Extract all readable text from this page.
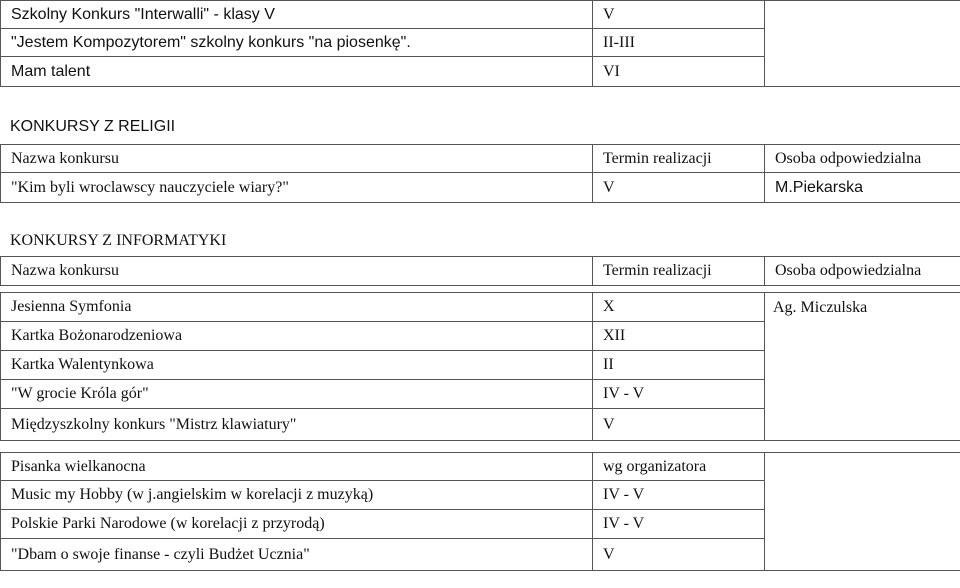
Szkolny Konkurs "Interwalli" - klasy V	V	
"Jestem Kompozytorem" szkolny konkurs "na piosenkę".	II-III	
Mam talent	VI	
KONKURSY Z RELIGII
Nazwa konkursu	Termin realizacji	Osoba odpowiedzialna
"Kim byli wroclawscy nauczyciele wiary?"	V	M.Piekarska
KONKURSY Z INFORMATYKI
Nazwa konkursu	Termin realizacji	Osoba odpowiedzialna
Jesienna Symfonia	X	Ag. Miczulska
Kartka Bożonarodzeniowa	XII	
Kartka Walentynkowa	II	
"W grocie Króla gór"	IV - V	
Międzyszkolny konkurs "Mistrz klawiatury"	V	
Pisanka wielkanocna	wg organizatora	
Music my Hobby (w j.angielskim w korelacji z muzyką)	IV - V	
Polskie Parki Narodowe (w korelacji z przyrodą)	IV - V	
"Dbam o swoje finanse - czyli Budżet Ucznia"	V	
